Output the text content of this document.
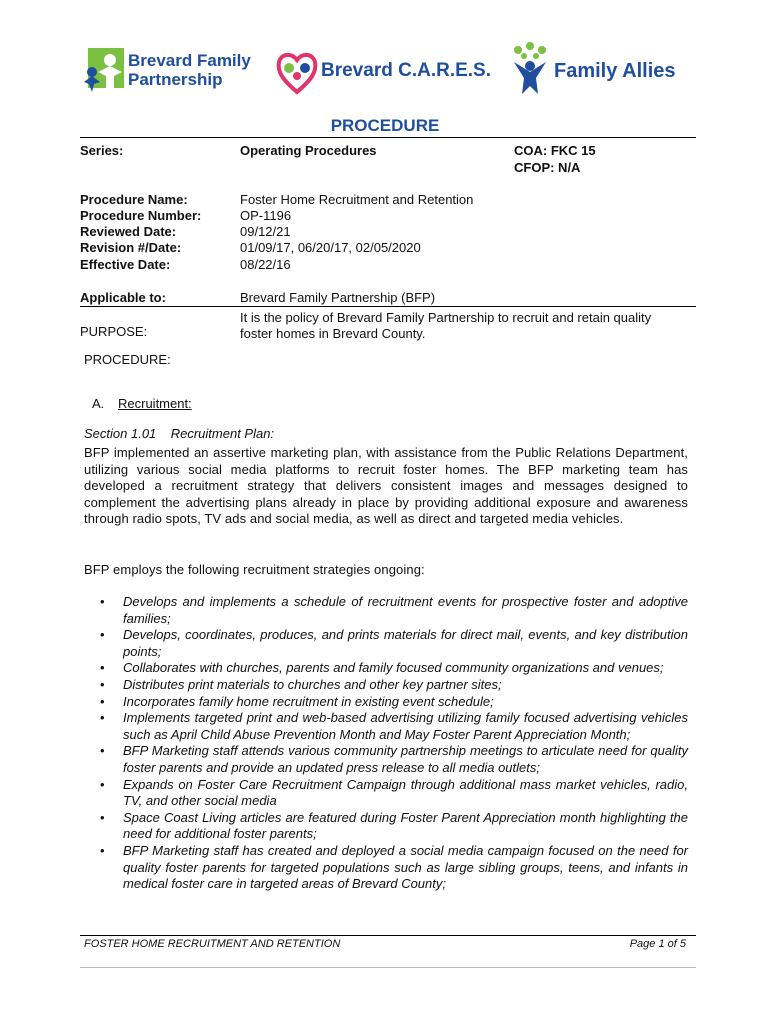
Brevard Family
Partnership	Brevard C.A.R.E.S.	Family Allies
PROCEDURE
Series:	Operating Procedures	COA: FKC 15
CFOP: N/A
Procedure Name:	Foster Home Recruitment and Retention
Procedure Number:	OP-1196
Reviewed Date:	09/12/21
Revision #/Date:	01/09/17, 06/20/17, 02/05/2020
Effective Date:	08/22/16
Applicable to:	Brevard Family Partnership (BFP)
PURPOSE:
It is the policy of Brevard Family Partnership to recruit and retain quality
foster homes in Brevard County.
PROCEDURE:
A. Recruitment:
Section 1.01    Recruitment Plan:
BFP implemented an assertive marketing plan, with assistance from the Public Relations Department, utilizing various social media platforms to recruit foster homes. The BFP marketing team has developed a recruitment strategy that delivers consistent images and messages designed to complement the advertising plans already in place by providing additional exposure and awareness through radio spots, TV ads and social media, as well as direct and targeted media vehicles.
BFP employs the following recruitment strategies ongoing:
• Develops and implements a schedule of recruitment events for prospective foster and adoptive families;
• Develops, coordinates, produces, and prints materials for direct mail, events, and key distribution points;
• Collaborates with churches, parents and family focused community organizations and venues;
• Distributes print materials to churches and other key partner sites;
• Incorporates family home recruitment in existing event schedule;
• Implements targeted print and web-based advertising utilizing family focused advertising vehicles such as April Child Abuse Prevention Month and May Foster Parent Appreciation Month;
• BFP Marketing staff attends various community partnership meetings to articulate need for quality foster parents and provide an updated press release to all media outlets;
• Expands on Foster Care Recruitment Campaign through additional mass market vehicles, radio, TV, and other social media
• Space Coast Living articles are featured during Foster Parent Appreciation month highlighting the need for additional foster parents;
• BFP Marketing staff has created and deployed a social media campaign focused on the need for quality foster parents for targeted populations such as large sibling groups, teens, and infants in medical foster care in targeted areas of Brevard County;
FOSTER HOME RECRUITMENT AND RETENTION	Page 1 of 5
